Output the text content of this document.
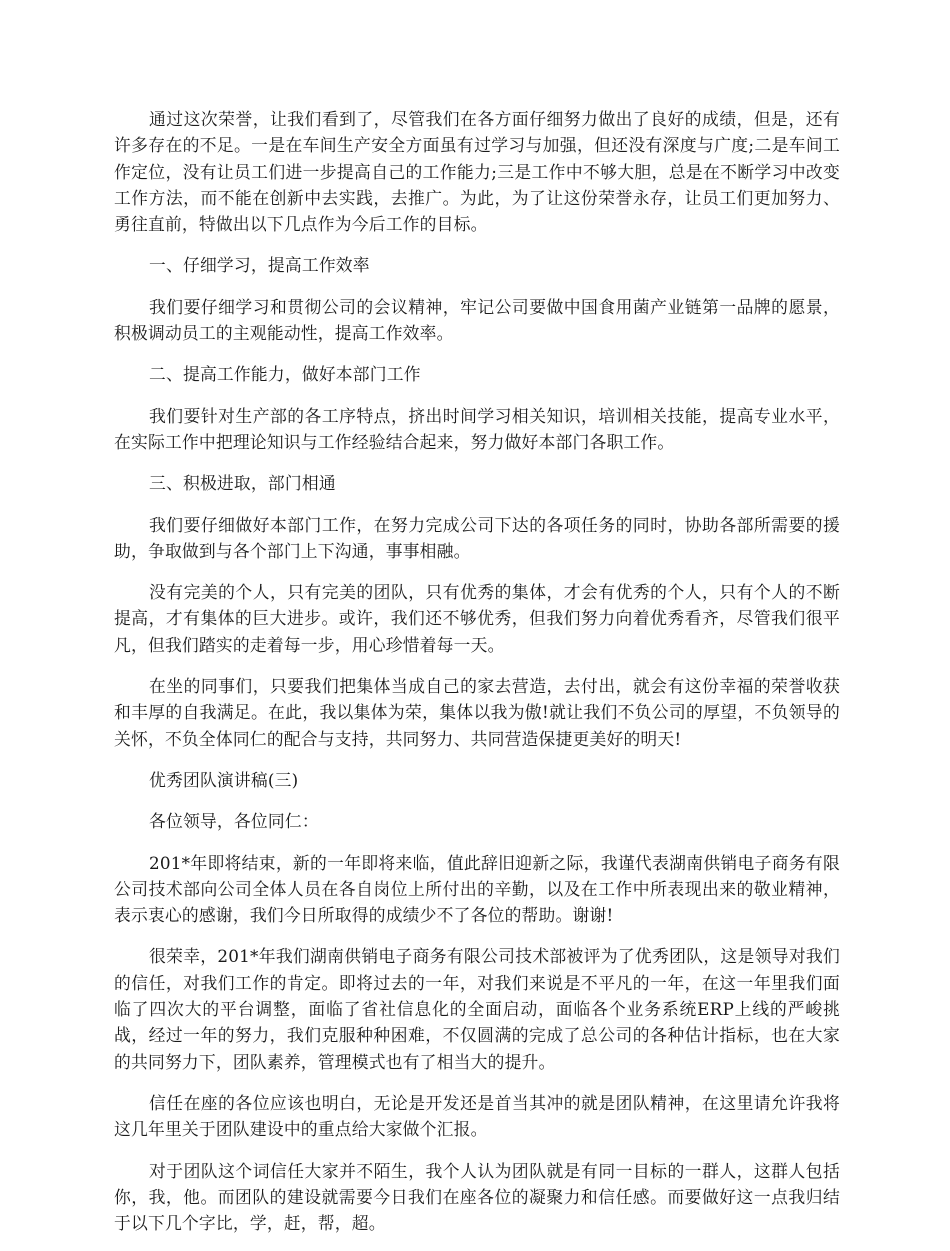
通过这次荣誉，让我们看到了，尽管我们在各方面仔细努力做出了良好的成绩，但是，还有许多存在的不足。一是在车间生产安全方面虽有过学习与加强，但还没有深度与广度;二是车间工作定位，没有让员工们进一步提高自己的工作能力;三是工作中不够大胆，总是在不断学习中改变工作方法，而不能在创新中去实践，去推广。为此，为了让这份荣誉永存，让员工们更加努力、勇往直前，特做出以下几点作为今后工作的目标。

一、仔细学习，提高工作效率

我们要仔细学习和贯彻公司的会议精神，牢记公司要做中国食用菌产业链第一品牌的愿景，积极调动员工的主观能动性，提高工作效率。

二、提高工作能力，做好本部门工作

我们要针对生产部的各工序特点，挤出时间学习相关知识，培训相关技能，提高专业水平，在实际工作中把理论知识与工作经验结合起来，努力做好本部门各职工作。

三、积极进取，部门相通

我们要仔细做好本部门工作，在努力完成公司下达的各项任务的同时，协助各部所需要的援助，争取做到与各个部门上下沟通，事事相融。

没有完美的个人，只有完美的团队，只有优秀的集体，才会有优秀的个人，只有个人的不断提高，才有集体的巨大进步。或许，我们还不够优秀，但我们努力向着优秀看齐，尽管我们很平凡，但我们踏实的走着每一步，用心珍惜着每一天。

在坐的同事们，只要我们把集体当成自己的家去营造，去付出，就会有这份幸福的荣誉收获和丰厚的自我满足。在此，我以集体为荣，集体以我为傲!就让我们不负公司的厚望，不负领导的关怀，不负全体同仁的配合与支持，共同努力、共同营造保捷更美好的明天!

优秀团队演讲稿(三)

各位领导，各位同仁：

201*年即将结束，新的一年即将来临，值此辞旧迎新之际，我谨代表湖南供销电子商务有限公司技术部向公司全体人员在各自岗位上所付出的辛勤，以及在工作中所表现出来的敬业精神，表示衷心的感谢，我们今日所取得的成绩少不了各位的帮助。谢谢!

很荣幸，201*年我们湖南供销电子商务有限公司技术部被评为了优秀团队，这是领导对我们的信任，对我们工作的肯定。即将过去的一年，对我们来说是不平凡的一年，在这一年里我们面临了四次大的平台调整，面临了省社信息化的全面启动，面临各个业务系统ERP上线的严峻挑战，经过一年的努力，我们克服种种困难，不仅圆满的完成了总公司的各种估计指标，也在大家的共同努力下，团队素养，管理模式也有了相当大的提升。

信任在座的各位应该也明白，无论是开发还是首当其冲的就是团队精神，在这里请允许我将这几年里关于团队建设中的重点给大家做个汇报。

对于团队这个词信任大家并不陌生，我个人认为团队就是有同一目标的一群人，这群人包括你，我，他。而团队的建设就需要今日我们在座各位的凝聚力和信任感。而要做好这一点我归结于以下几个字比，学，赶，帮，超。
